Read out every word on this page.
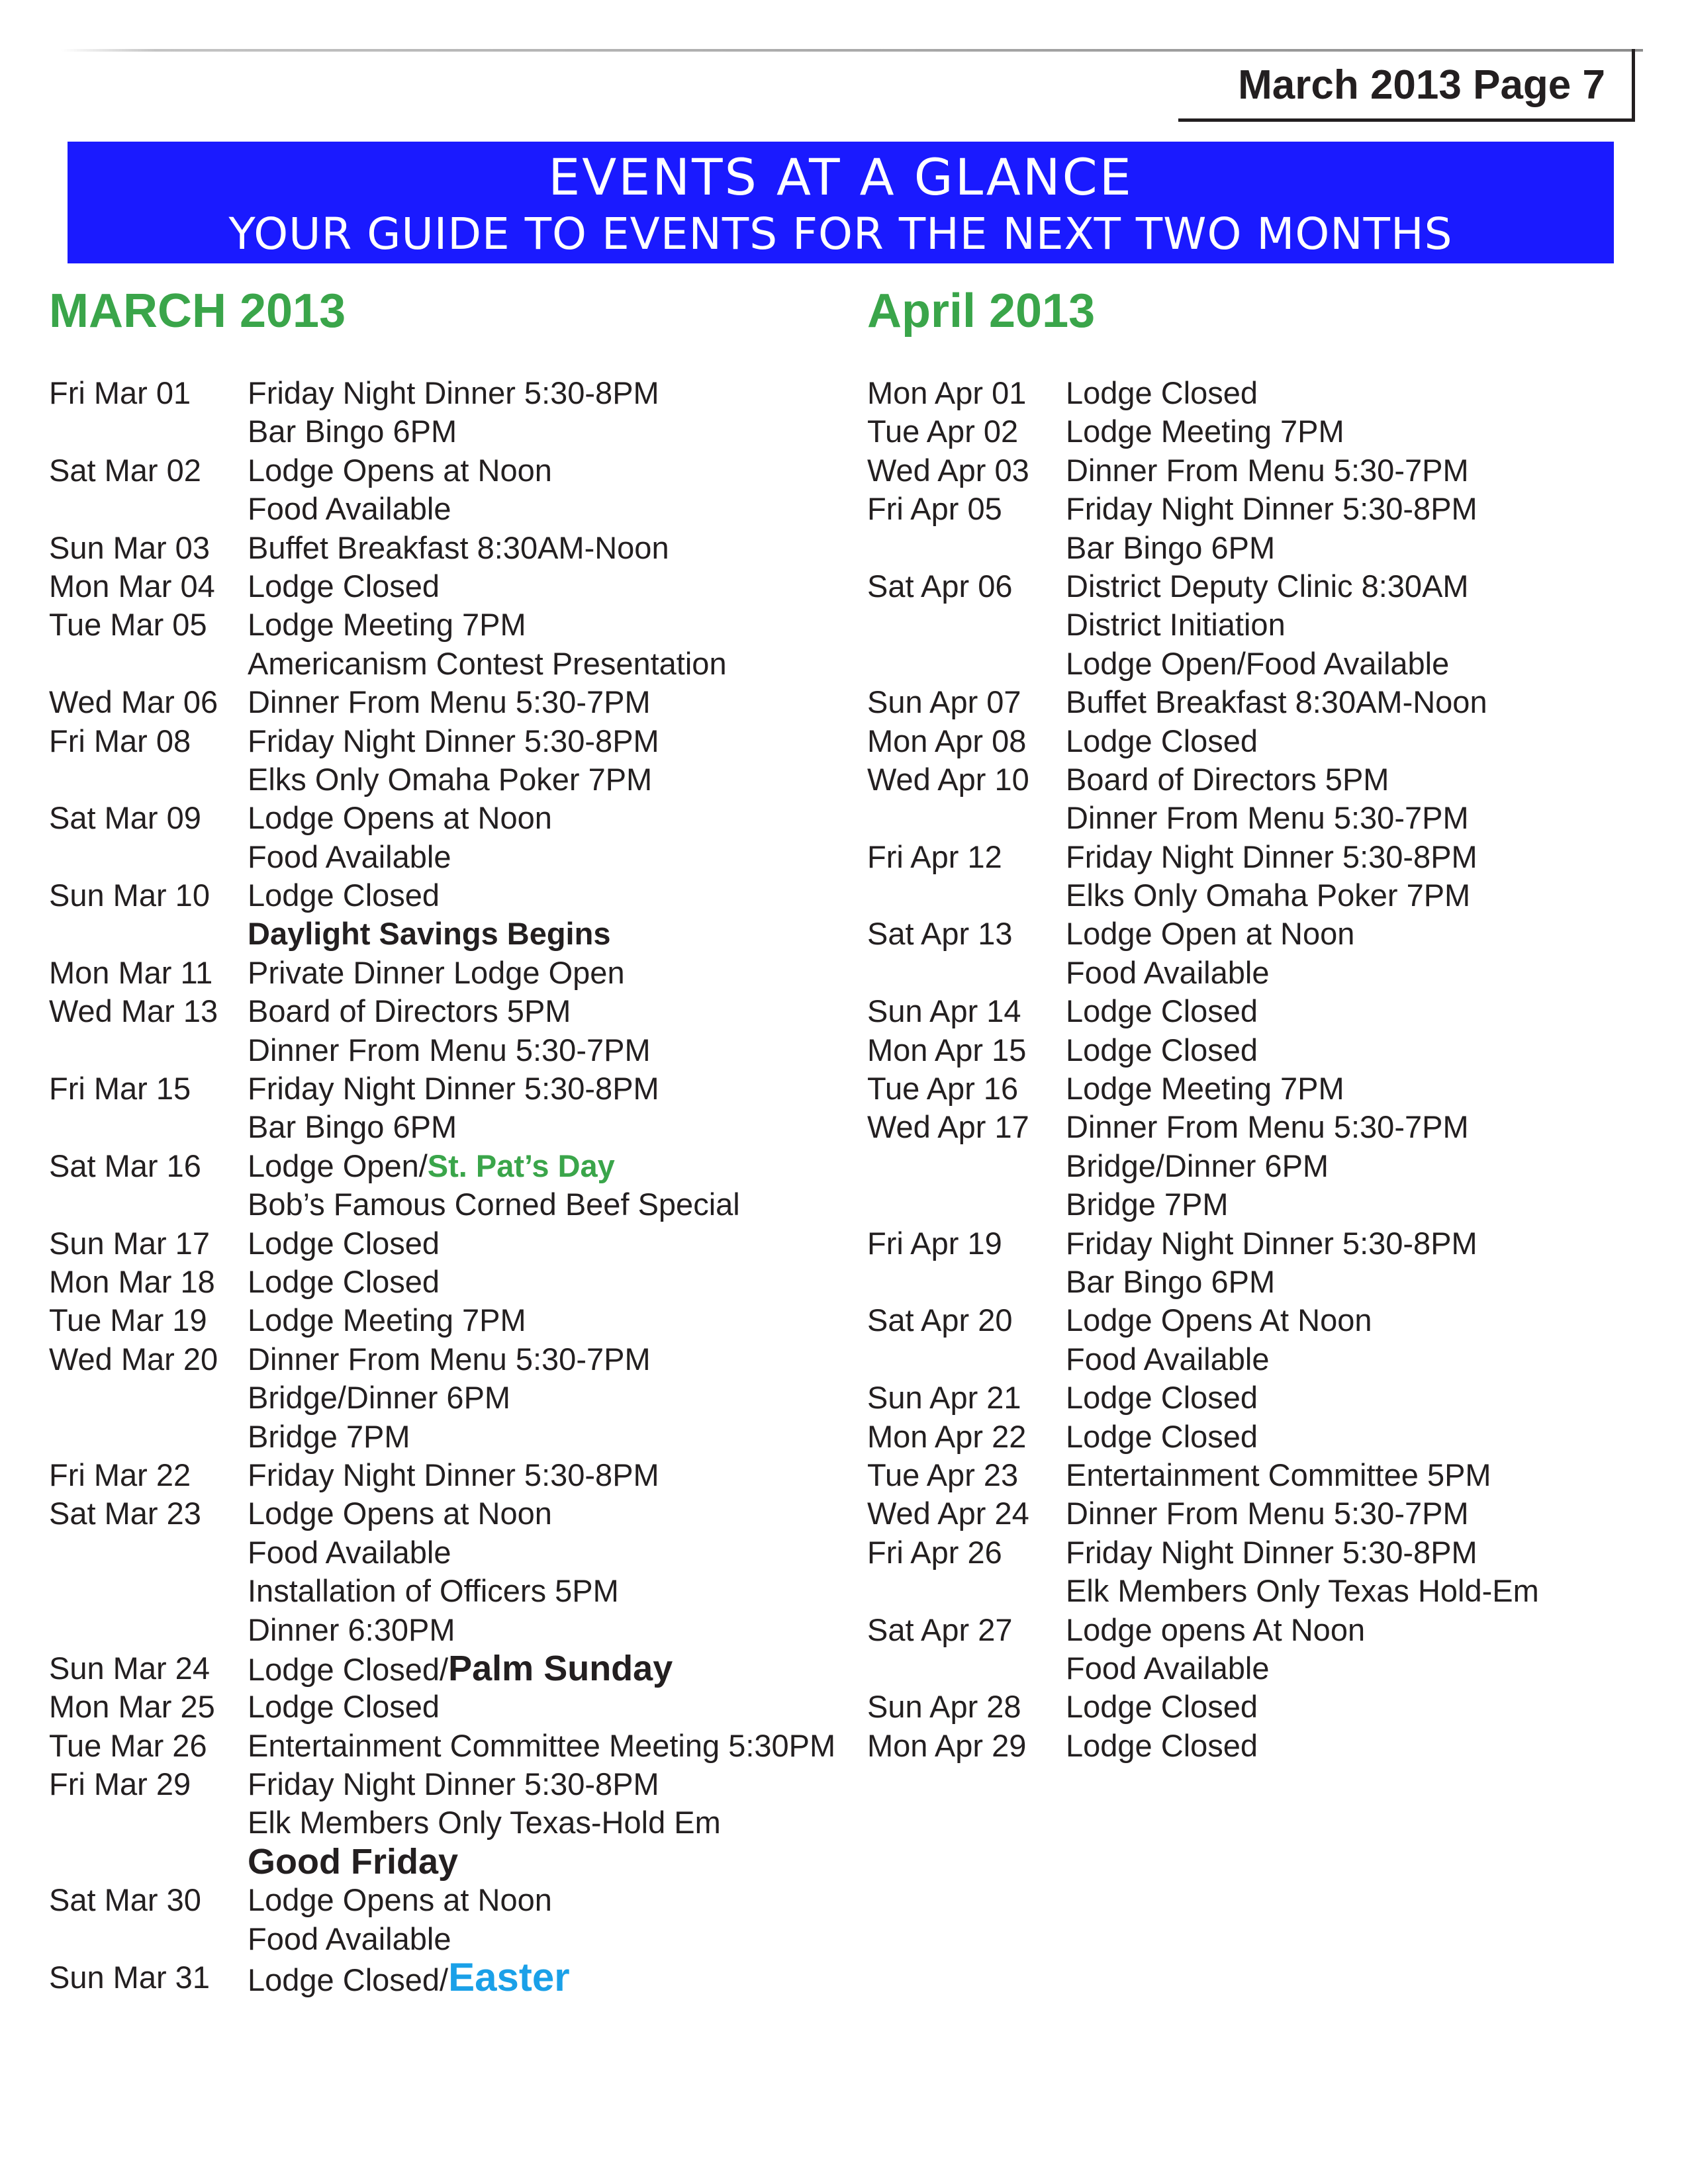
March 2013 Page 7

EVENTS AT A GLANCE
YOUR GUIDE TO EVENTS FOR THE NEXT TWO MONTHS
MARCH 2013
Fri Mar 01	Friday Night Dinner 5:30-8PM
Bar Bingo 6PM
Sat Mar 02	Lodge Opens at Noon
Food Available
Sun Mar 03	Buffet Breakfast 8:30AM-Noon
Mon Mar 04	Lodge Closed
Tue Mar 05	Lodge Meeting 7PM
Americanism Contest Presentation
Wed Mar 06 Dinner From Menu 5:30-7PM
Fri Mar 08	Friday Night Dinner 5:30-8PM
Elks Only Omaha Poker 7PM
Sat Mar 09	Lodge Opens at Noon
Food Available
Sun Mar 10	Lodge Closed
Daylight Savings Begins
Mon Mar 11	Private Dinner Lodge Open
Wed Mar 13 Board of Directors 5PM
Dinner From Menu 5:30-7PM
Fri Mar 15	Friday Night Dinner 5:30-8PM
Bar Bingo 6PM
Sat Mar 16	Lodge Open/St. Pat’s Day
Bob’s Famous Corned Beef Special
Sun Mar 17	Lodge Closed
Mon Mar 18	Lodge Closed
Tue Mar 19	Lodge Meeting 7PM
Wed Mar 20 Dinner From Menu 5:30-7PM
Bridge/Dinner 6PM
Bridge 7PM
Fri Mar 22	Friday Night Dinner 5:30-8PM
Sat Mar 23	Lodge Opens at Noon
Food Available
Installation of Officers 5PM
Dinner 6:30PM
Sun Mar 24	Lodge Closed/Palm Sunday
Mon Mar 25	Lodge Closed
Tue Mar 26	Entertainment Committee Meeting 5:30PM
Fri Mar 29	Friday Night Dinner 5:30-8PM
Elk Members Only Texas-Hold Em
Good Friday
Sat Mar 30	Lodge Opens at Noon
Food Available
Sun Mar 31	Lodge Closed/Easter
April 2013
Mon Apr 01	Lodge Closed
Tue Apr 02	Lodge Meeting 7PM
Wed Apr 03	Dinner From Menu 5:30-7PM
Fri Apr 05	Friday Night Dinner 5:30-8PM
Bar Bingo 6PM
Sat Apr 06	District Deputy Clinic 8:30AM
District Initiation
Lodge Open/Food Available
Sun Apr 07	Buffet Breakfast 8:30AM-Noon
Mon Apr 08	Lodge Closed
Wed Apr 10	Board of Directors 5PM
Dinner From Menu 5:30-7PM
Fri Apr 12	Friday Night Dinner 5:30-8PM
Elks Only Omaha Poker 7PM
Sat Apr 13	Lodge Open at Noon
Food Available
Sun Apr 14	Lodge Closed
Mon Apr 15	Lodge Closed
Tue Apr 16	Lodge Meeting 7PM
Wed Apr 17	Dinner From Menu 5:30-7PM
Bridge/Dinner 6PM
Bridge 7PM
Fri Apr 19	Friday Night Dinner 5:30-8PM
Bar Bingo 6PM
Sat Apr 20	Lodge Opens At Noon
Food Available
Sun Apr 21	Lodge Closed
Mon Apr 22	Lodge Closed
Tue Apr 23	Entertainment Committee 5PM
Wed Apr 24	Dinner From Menu 5:30-7PM
Fri Apr 26	Friday Night Dinner 5:30-8PM
Elk Members Only Texas Hold-Em
Sat Apr 27	Lodge opens At Noon
Food Available
Sun Apr 28	Lodge Closed
Mon Apr 29	Lodge Closed
